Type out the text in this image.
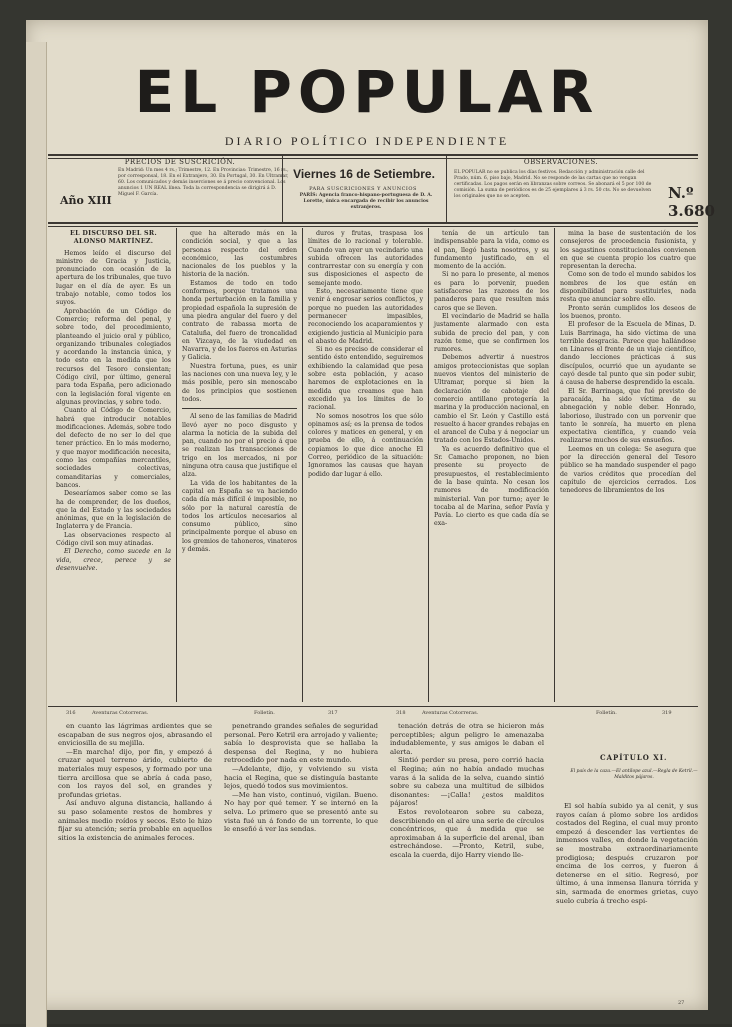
EL POPULAR
DIARIO POLÍTICO INDEPENDIENTE
PRECIOS DE SUSCRICIÓN.
En Madrid: Un mes 4 rs.; Trimestre, 12. En Provincias: Trimestre, 16 rs., por corresponsal, 18. En el Extranjero, 30. En Portugal, 30. En Ultramar, 60. Los comunicados y demás inserciones se á precio convencional. Los anuncios 1 UN REAL línea. Toda la correspondencia se dirigirá á D. Miguel F. García.
Año XIII
Viernes 16 de Setiembre.
PARA SUSCRICIONES Y ANUNCIOS
PARÍS: Agencia franco-hispano-portuguesa de D. A. Lorette, única encargada de recibir los anuncios extranjeros.
OBSERVACIONES.
EL POPULAR no se publica los días festivos. Redacción y administración calle del Prado, núm. 6, piso bajo, Madrid. No se responde de las cartas que no vengan certificadas. Los pagos serán en libranzas sobre correos. Se abonará el 5 por 100 de comisión. La suma de periódicos es de 25 ejemplares á 3 rs. 50 cts. No se devuelven los originales que no se acepten.	N.º 3.680

EL DISCURSO DEL SR. ALONSO MARTÍNEZ.

Hemos leído el discurso del ministro de Gracia y Justicia, pronunciado con ocasión de la apertura de los tribunales, que tuvo lugar en el día de ayer. Es un trabajo notable, como todos los suyos.

Aprobación de un Código de Comercio; reforma del penal, y sobre todo, del procedimiento, planteando el juicio oral y público, organizando tribunales colegiados y acordando la instancia única, y todo esto en la medida que los recursos del Tesoro consientan; Código civil, por último, general para toda España, pero adicionado con la legislación foral vigente en algunas provincias, y sobre todo.

Cuanto al Código de Comercio, habrá que introducir notables modificaciones. Además, sobre todo del defecto de no ser lo del que tener práctico. En lo más moderno, y que mayor modificación necesita, como las compañías mercantiles, sociedades colectivas, comanditarias y comerciales, bancos.

Desearíamos saber como se las ha de comprender, de los dueños, que la del Estado y las sociedades anónimas, que en la legislación de Inglaterra y de Francia.

Las observaciones respecto al Código civil son muy atinadas.

El Derecho, como sucede en la vida, crece, perece y se desenvuelve.

que ha alterado más en la condición social, y que a las personas respecto del orden económico, las costumbres nacionales de los pueblos y la historia de la nación.

Estamos de todo en todo conformes, porque tratamos una honda perturbación en la familia y propiedad española la supresión de una piedra angular del fuero y del contrato de rabassa morta de Cataluña, del fuero de troncalidad en Vizcaya, de la viudedad en Navarra, y de los fueros en Asturias y Galicia.

Nuestra fortuna, pues, es unir las naciones con una nueva ley, y le más posible, pero sin menoscabo de los principios que sostienen todos.

Al seno de las familias de Madrid llevó ayer no poco disgusto y alarma la noticia de la subida del pan, cuando no por el precio á que se realizan las transacciones de trigo en los mercados, ni por ninguna otra causa que justifique el alza.

La vida de los habitantes de la capital en España se va haciendo cada día más difícil é imposible, no sólo por la natural carestía de todos los artículos necesarios al consumo público, sino principalmente porque el abuso en los gremios de tahoneros, vinateros y demás.

duros y frutas, traspasa los límites de lo racional y tolerable. Cuando van ayer un vecindario una subida ofrecen las autoridades contrarrestar con su energía y con sus disposiciones el aspecto de semejante modo.

Esto, necesariamente tiene que venir á engrosar serios conflictos, y porque no pueden las autoridades permanecer impasibles, reconociendo los acaparamientos y exigiendo justicia al Municipio para el abasto de Madrid.

Si no es preciso de considerar el sentido ésto entendido, seguiremos exhibiendo la calamidad que pesa sobre esta población, y acaso haremos de explotaciones en la medida que creamos que han excedido ya los límites de lo racional.

No somos nosotros los que sólo opinamos así; es la prensa de todos colores y matices en general, y en prueba de ello, á continuación copiamos lo que dice anoche El Correo, periódico de la situación: Ignoramos las causas que hayan podido dar lugar á ello.

tenía de un artículo tan indispensable para la vida, como es el pan, llegó hasta nosotros, y su fundamento justificado, en el momento de la acción.

Si no para lo presente, al menos es para lo porvenir, pueden satisfacerse las razones de los panaderos para que resulten más caros que se lleven.

El vecindario de Madrid se halla justamente alarmado con esta subida de precio del pan, y con razón teme, que se confirmen los rumores.

Debemos advertir á nuestros amigos proteccionistas que soplan nuevos vientos del ministerio de Ultramar, porque si bien la declaración de cabotaje del comercio antillano protegería la marina y la producción nacional, en cambio el Sr. León y Castillo está resuelto á hacer grandes rebajas en el arancel de Cuba y á negociar un tratado con los Estados-Unidos.

Ya es acuerdo definitivo que el Sr. Camacho proponen, no bien presente su proyecto de presupuestos, el restablecimiento de la base quinta. No cesan los rumores de modificación ministerial. Van por turno; ayer le tocaba al de Marina, señor Pavía y Pavía. Lo cierto es que cada día se exa-

mina la base de sustentación de los consejeros de procedencia fusionista, y los sagastinos constitucionales convienen en que se cuenta propio los cuatro que representan la derecha.

Como son de todo el mundo sabidos los nombres de los que están en disponibilidad para sustituirles, nada resta que anunciar sobre ello.

Pronto serán cumplidos los deseos de los buenos, pronto.

El profesor de la Escuela de Minas, D. Luis Barrinaga, ha sido víctima de una terrible desgracia. Parece que hallándose en Linares el frente de un viaje científico, dando lecciones prácticas á sus discípulos, ocurrió que un ayudante se cayó desde tal punto que sin poder subir, á causa de haberse desprendido la escala.

El Sr. Barrinaga, que fué previsto de paracaída, ha sido víctima de su abnegación y noble deber. Honrado, laborioso, ilustrado con un porvenir que tanto le sonreía, ha muerto en plena expectativa científica, y cuando veía realizarse muchos de sus ensueños.

Leemos en un colega: Se asegura que por la dirección general del Tesoro público se ha mandado suspender el pago de varios créditos que procedían del capítulo de ejercicios cerrados. Los tenedores de libramientos de los

316	Aventuras Cotorreras.	Folletín.	317	318	Aventuras Cotorreras.	Folletín.	319

en cuanto las lágrimas ardientes que se escapaban de sus negros ojos, abrasando el enviciosilla de su mejilla.

—En marcha! dijo, por fin, y empezó á cruzar aquel terreno árido, cubierto de materiales muy espesos, y formado por una tierra arcillosa que se abría á cada paso, con los rayos del sol, en grandes y profundas grietas.

Así anduvo alguna distancia, hallando á su paso solamente restos de hombres y animales medio roídos y secos. Esto le hizo fijar su atención; sería probable en aquellos sitios la existencia de animales feroces.

penetrando grandes señales de seguridad personal. Pero Ketril era arrojado y valiente; sabía lo desprovista que se hallaba la despensa del Regina, y no hubiera retrocedido por nada en este mundo.

—Adelante, dijo, y volviendo su vista hacia el Regina, que se distinguía bastante lejos, quedó todos sus movimientos.

—Me han visto, continuó, vigilan. Bueno. No hay por qué temer. Y se internó en la selva. Lo primero que se presentó ante su vista fué un á fondo de un torrente, lo que le enseñó á ver las sendas.

tenación detrás de otra se hicieron más perceptibles; algun peligro le amenazaba indudablemente, y sus amigos le daban el alerta.

Sintió perder su presa, pero corrió hacia el Regina; aún no había andado muchas varas á la salida de la selva, cuando sintió sobre su cabeza una multitud de silbidos disonantes: —¡Calla! ¿estos malditos pájaros!

Estos revolotearon sobre su cabeza, describiendo en el aire una serie de círculos concéntricos, que á medida que se aproximaban á la superficie del arenal, iban estrechándose. —Pronto, Ketril, sube, escala la cuerda, dijo Harry viendo lle-

CAPÍTULO XI.
El país de la caza.—El antílope azul.—Regla de Ketril.—Malditos pájaros.

El sol había subido ya al cenit, y sus rayos caían á plomo sobre los ardidos costados del Regina, el cual muy pronto empezó á descender las vertientes de inmensos valles, en donde la vegetación se mostraba extraordinariamente prodigiosa; después cruzaron por encima de los cerros, y fueron á detenerse en el sitio. Regresó, por último, á una inmensa llanura tórrida y sin, sarmada de enormes grietas, cuyo suelo cubría á trecho espi-

27
